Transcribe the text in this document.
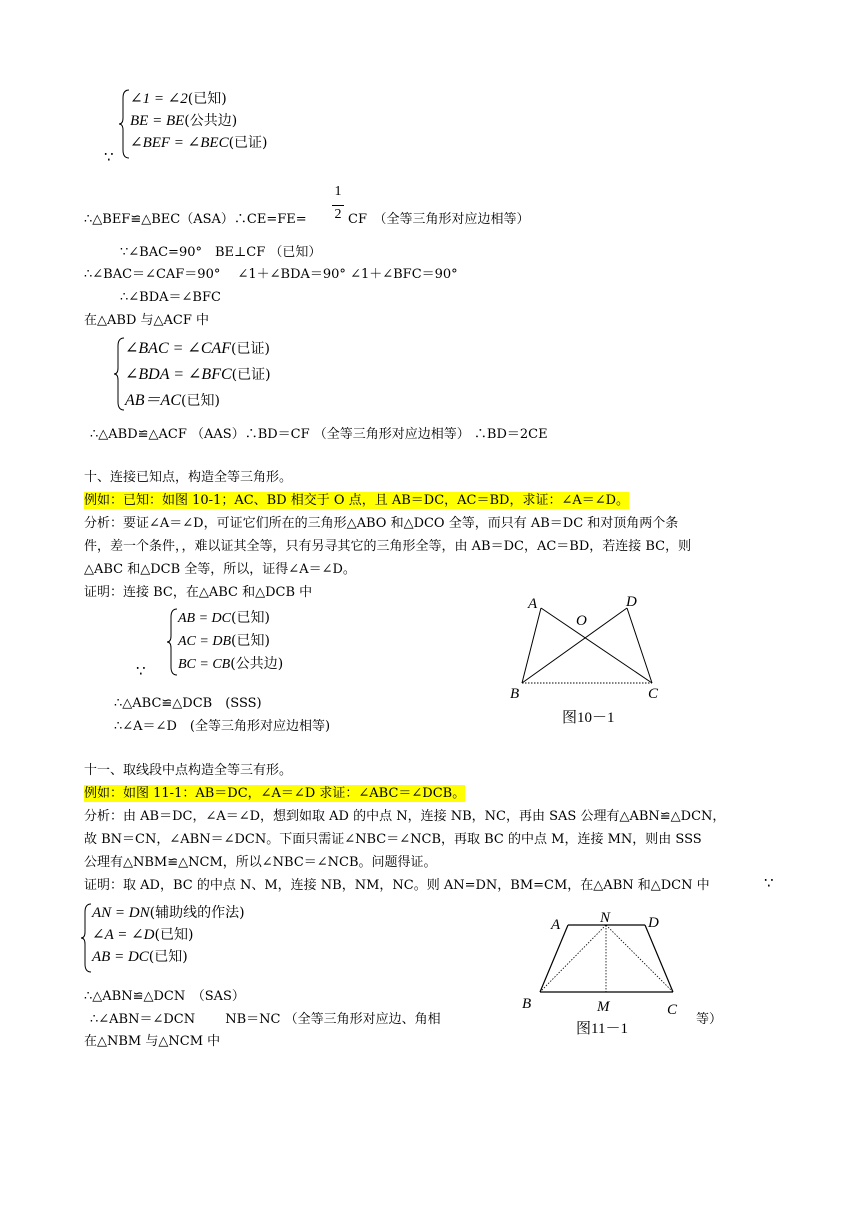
∠1 = ∠2(已知)
BE = BE(公共边)
∠BEF = ∠BEC(已证)
∵
1
2
∴△BEF≌△BEC（ASA）∴CE=FE=	CF　（全等三角形对应边相等）
∵∠BAC=90°　BE⊥CF （已知）
∴∠BAC＝∠CAF＝90°　 ∠1＋∠BDA＝90° ∠1＋∠BFC＝90°
∴∠BDA＝∠BFC
在△ABD 与△ACF 中
∠BAC = ∠CAF(已证)
∠BDA = ∠BFC(已证)
AB＝AC(已知)
∴△ABD≌△ACF （AAS）∴BD＝CF （全等三角形对应边相等） ∴BD＝2CE
十、连接已知点，构造全等三角形。
例如：已知：如图 10-1；AC、BD 相交于 O 点，且 AB＝DC，AC＝BD，求证：∠A＝∠D。
分析：要证∠A＝∠D，可证它们所在的三角形△ABO 和△DCO 全等，而只有 AB＝DC 和对顶角两个条
件，差一个条件，，难以证其全等，只有另寻其它的三角形全等，由 AB＝DC，AC＝BD，若连接 BC，则
△ABC 和△DCB 全等，所以，证得∠A＝∠D。
证明：连接 BC，在△ABC 和△DCB 中
AB = DC(已知)
AC = DB(已知)
BC = CB(公共边)
∵
∴△ABC≌△DCB　(SSS)
∴∠A＝∠D　(全等三角形对应边相等)
A	D
O
B	C
图10－1
十一、取线段中点构造全等三有形。
例如：如图 11-1：AB＝DC，∠A＝∠D 求证：∠ABC＝∠DCB。
分析：由 AB＝DC，∠A＝∠D，想到如取 AD 的中点 N，连接 NB，NC，再由 SAS 公理有△ABN≌△DCN，
故 BN＝CN，∠ABN＝∠DCN。下面只需证∠NBC＝∠NCB，再取 BC 的中点 M，连接 MN，则由 SSS
公理有△NBM≌△NCM，所以∠NBC＝∠NCB。问题得证。
证明：取 AD，BC 的中点 N、M，连接 NB，NM，NC。则 AN=DN，BM=CM，在△ABN 和△DCN 中	∵
AN = DN(辅助线的作法)
∠A = ∠D(已知)
AB = DC(已知)
∴△ABN≌△DCN　（SAS）
∴∠ABN＝∠DCN　　 NB＝NC （全等三角形对应边、角相	等）
在△NBM 与△NCM 中
A	N	D
B	M	C
图11－1
